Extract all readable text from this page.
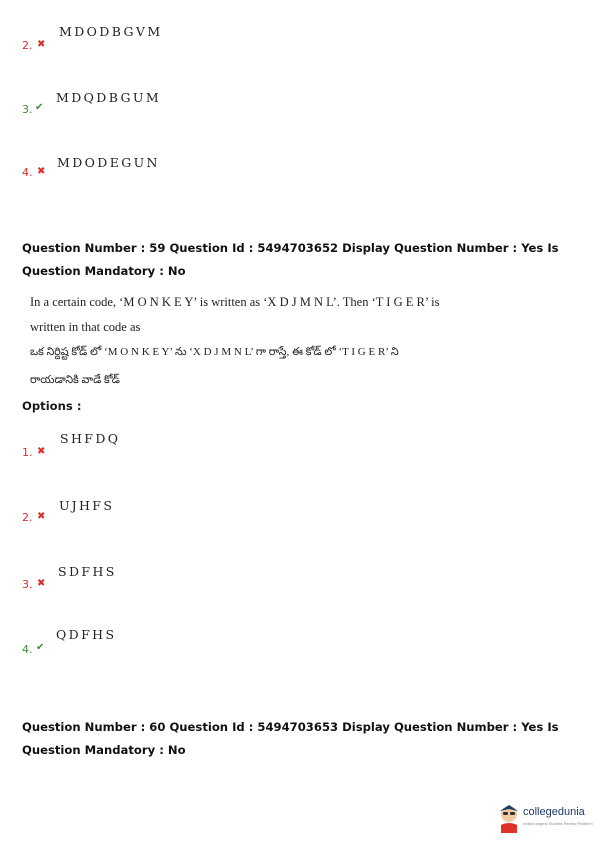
MDODBGVM
2. ✖
MDQDBGUM
3. ✔
MDODEGUN
4. ✖
Question Number : 59 Question Id : 5494703652 Display Question Number : Yes Is Question Mandatory : No
In a certain code, ‘M O N K E Y’ is written as ‘X D J M N L’. Then ‘T I G E R’ is
written in that code as
ఒక నిర్దిష్ట కోడ్ లో ‘M O N K E Y’ ను ‘X D J M N L’ గా రాస్తే, ఈ కోడ్ లో ‘T I G E R’ ని
రాయడానికి వాడే కోడ్
Options :
SHFDQ
1. ✖
UJHFS
2. ✖
SDFHS
3. ✖
QDFHS
4. ✔
Question Number : 60 Question Id : 5494703653 Display Question Number : Yes Is Question Mandatory : No
collegedunia
India's largest Student Review Platform
